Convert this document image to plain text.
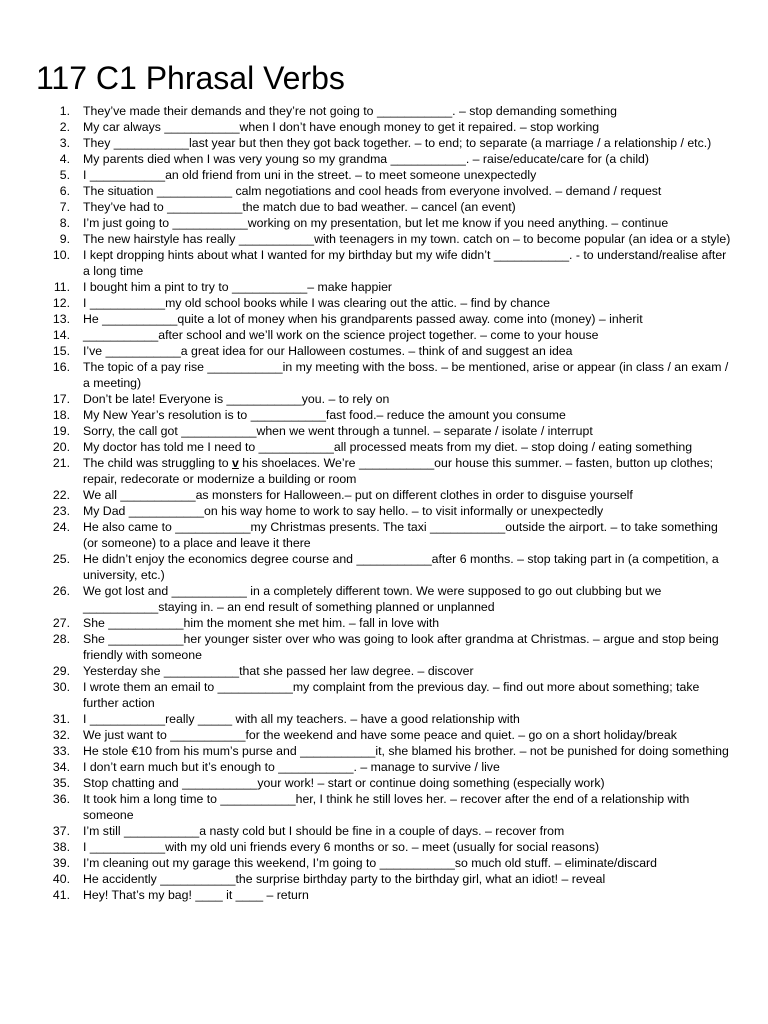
117 C1 Phrasal Verbs
1. They’ve made their demands and they’re not going to ___________. – stop demanding something
2. My car always ___________when I don’t have enough money to get it repaired. – stop working
3. They ___________last year but then they got back together. – to end; to separate (a marriage / a relationship / etc.)
4. My parents died when I was very young so my grandma ___________. – raise/educate/care for (a child)
5. I ___________an old friend from uni in the street. – to meet someone unexpectedly
6. The situation ___________ calm negotiations and cool heads from everyone involved. – demand / request
7. They’ve had to ___________the match due to bad weather. – cancel (an event)
8. I’m just going to ___________working on my presentation, but let me know if you need anything. – continue
9. The new hairstyle has really ___________with teenagers in my town. catch on – to become popular (an idea or a style)
10. I kept dropping hints about what I wanted for my birthday but my wife didn’t ___________. - to understand/realise after a long time
11. I bought him a pint to try to ___________– make happier
12. I ___________my old school books while I was clearing out the attic. – find by chance
13. He ___________quite a lot of money when his grandparents passed away. come into (money) – inherit
14. ___________after school and we’ll work on the science project together. – come to your house
15. I’ve ___________a great idea for our Halloween costumes. – think of and suggest an idea
16. The topic of a pay rise ___________in my meeting with the boss. – be mentioned, arise or appear (in class / an exam / a meeting)
17. Don’t be late! Everyone is ___________you. – to rely on
18. My New Year’s resolution is to ___________fast food.– reduce the amount you consume
19. Sorry, the call got ___________when we went through a tunnel. – separate / isolate / interrupt
20. My doctor has told me I need to ___________all processed meats from my diet. – stop doing / eating something
21. The child was struggling to v his shoelaces. We’re ___________our house this summer. – fasten, button up clothes; repair, redecorate or modernize a building or room
22. We all ___________as monsters for Halloween.– put on different clothes in order to disguise yourself
23. My Dad ___________on his way home to work to say hello. – to visit informally or unexpectedly
24. He also came to ___________my Christmas presents. The taxi ___________outside the airport. – to take something (or someone) to a place and leave it there
25. He didn’t enjoy the economics degree course and ___________after 6 months. – stop taking part in (a competition, a university, etc.)
26. We got lost and ___________ in a completely different town. We were supposed to go out clubbing but we ___________staying in. – an end result of something planned or unplanned
27. She ___________him the moment she met him. – fall in love with
28. She ___________her younger sister over who was going to look after grandma at Christmas. – argue and stop being friendly with someone
29. Yesterday she ___________that she passed her law degree. – discover
30. I wrote them an email to ___________my complaint from the previous day. – find out more about something; take further action
31. I ___________really _____ with all my teachers. – have a good relationship with
32. We just want to ___________for the weekend and have some peace and quiet. – go on a short holiday/break
33. He stole €10 from his mum’s purse and ___________it, she blamed his brother. – not be punished for doing something
34. I don’t earn much but it’s enough to ___________. – manage to survive / live
35. Stop chatting and ___________your work! – start or continue doing something (especially work)
36. It took him a long time to ___________her, I think he still loves her. – recover after the end of a relationship with someone
37. I’m still ___________a nasty cold but I should be fine in a couple of days. – recover from
38. I ___________with my old uni friends every 6 months or so. – meet (usually for social reasons)
39. I’m cleaning out my garage this weekend, I’m going to ___________so much old stuff. – eliminate/discard
40. He accidently ___________the surprise birthday party to the birthday girl, what an idiot! – reveal
41. Hey! That’s my bag! ____ it ____ – return
